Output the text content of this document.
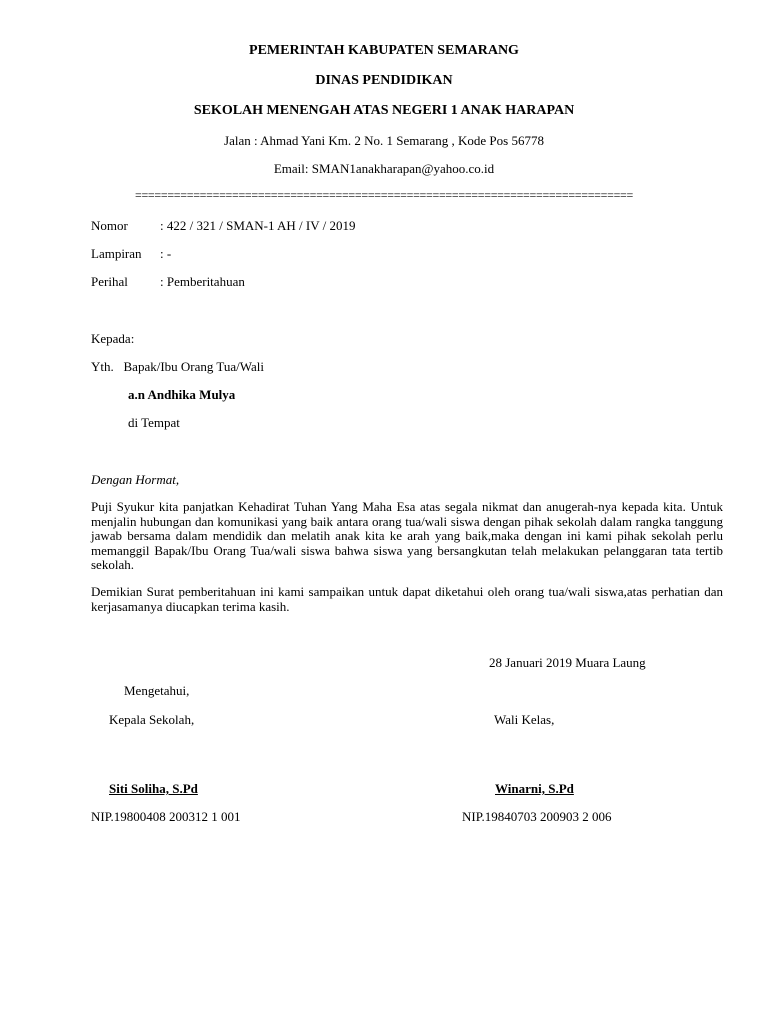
PEMERINTAH KABUPATEN SEMARANG
DINAS PENDIDIKAN
SEKOLAH MENENGAH ATAS NEGERI 1 ANAK HARAPAN
Jalan : Ahmad Yani Km. 2 No. 1 Semarang , Kode Pos 56778
Email: SMAN1anakharapan@yahoo.co.id
=============================================================================
Nomor : 422 / 321 / SMAN-1 AH / IV / 2019
Lampiran : -
Perihal : Pemberitahuan
Kepada:
Yth.   Bapak/Ibu Orang Tua/Wali
a.n Andhika Mulya
di Tempat
Dengan Hormat,
Puji Syukur kita panjatkan Kehadirat Tuhan Yang Maha Esa atas segala nikmat dan anugerah-nya kepada kita. Untuk menjalin hubungan dan komunikasi yang baik antara orang tua/wali siswa dengan pihak sekolah dalam rangka tanggung jawab bersama dalam mendidik dan melatih anak kita ke arah yang baik,maka dengan ini kami pihak sekolah perlu memanggil Bapak/Ibu Orang Tua/wali siswa bahwa siswa yang bersangkutan telah melakukan pelanggaran tata tertib sekolah.
Demikian Surat pemberitahuan ini kami sampaikan untuk dapat diketahui oleh orang tua/wali siswa,atas perhatian dan kerjasamanya diucapkan terima kasih.
28 Januari 2019 Muara Laung
Mengetahui,
Kepala Sekolah,	Wali Kelas,
Siti Soliha, S.Pd	Winarni, S.Pd
NIP.19800408 200312 1 001	NIP.19840703 200903 2 006
